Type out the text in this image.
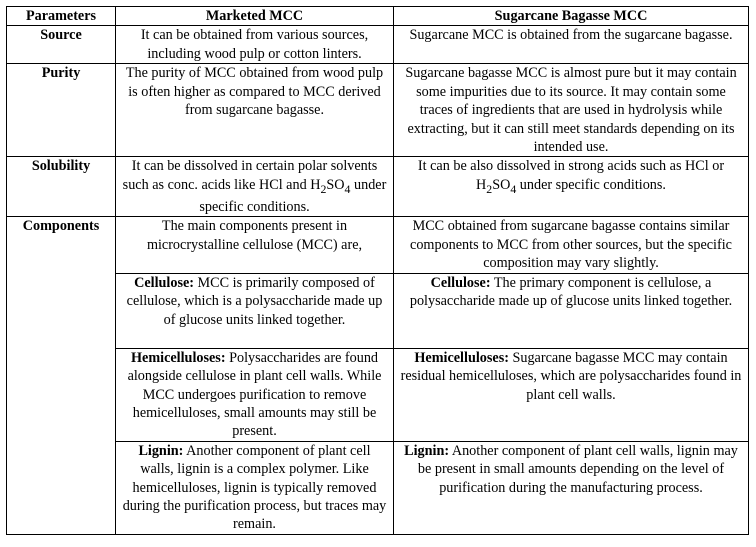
Parameters	Marketed MCC	Sugarcane Bagasse MCC
Source	It can be obtained from various sources, including wood pulp or cotton linters.	Sugarcane MCC is obtained from the sugarcane bagasse.
Purity	The purity of MCC obtained from wood pulp is often higher as compared to MCC derived from sugarcane bagasse.	Sugarcane bagasse MCC is almost pure but it may contain some impurities due to its source. It may contain some traces of ingredients that are used in hydrolysis while extracting, but it can still meet standards depending on its intended use.
Solubility	It can be dissolved in certain polar solvents such as conc. acids like HCl and $H_2SO_4$ under specific conditions.	It can be also dissolved in strong acids such as HCl or $H_2SO_4$ under specific conditions.
Components	The main components present in microcrystalline cellulose (MCC) are,	MCC obtained from sugarcane bagasse contains similar components to MCC from other sources, but the specific composition may vary slightly.
	Cellulose: MCC is primarily composed of cellulose, which is a polysaccharide made up of glucose units linked together.	Cellulose: The primary component is cellulose, a polysaccharide made up of glucose units linked together.
	Hemicelluloses: Polysaccharides are found alongside cellulose in plant cell walls. While MCC undergoes purification to remove hemicelluloses, small amounts may still be present.	Hemicelluloses: Sugarcane bagasse MCC may contain residual hemicelluloses, which are polysaccharides found in plant cell walls.
	Lignin: Another component of plant cell walls, lignin is a complex polymer. Like hemicelluloses, lignin is typically removed during the purification process, but traces may remain.	Lignin: Another component of plant cell walls, lignin may be present in small amounts depending on the level of purification during the manufacturing process.
